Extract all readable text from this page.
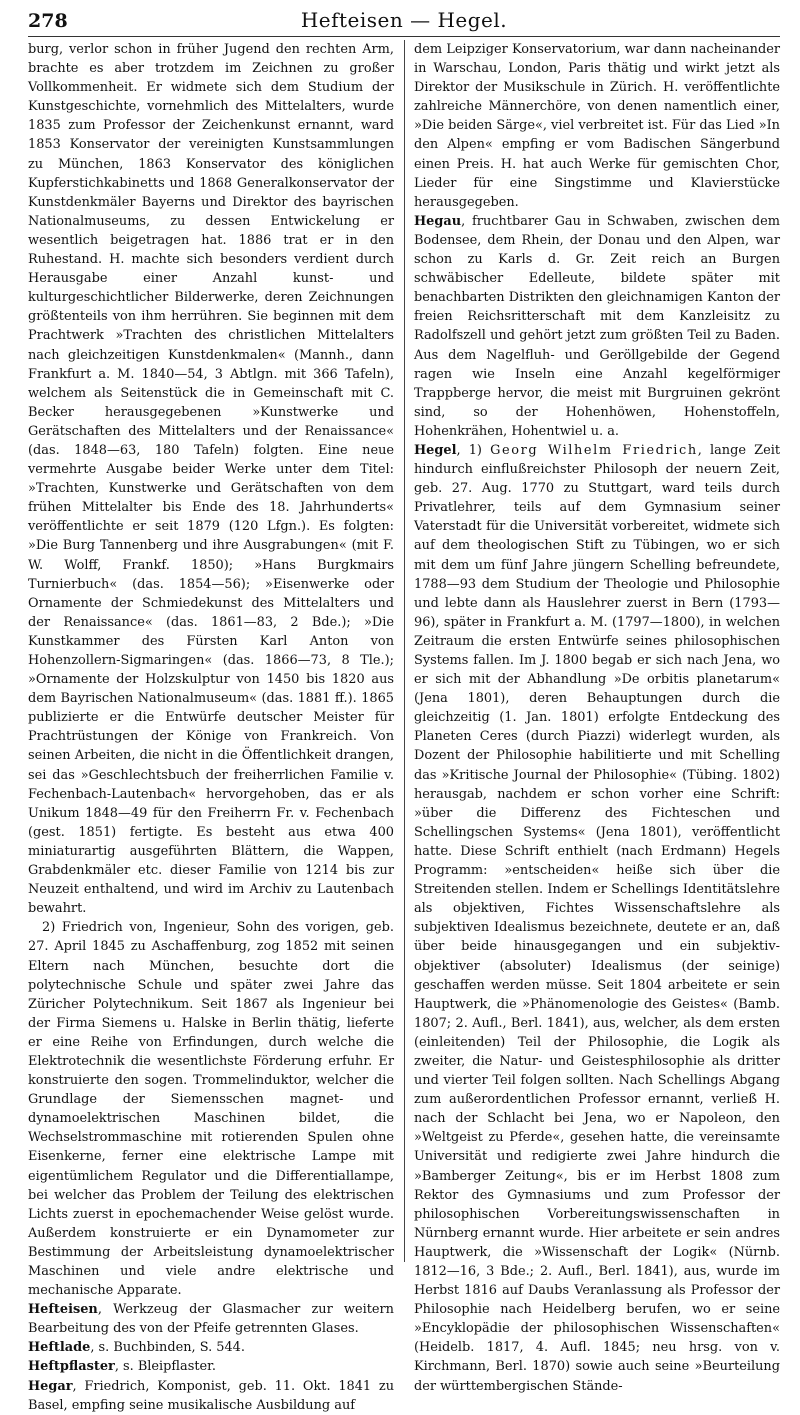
278	Hefteisen — Hegel.

burg, verlor schon in früher Jugend den rechten Arm, brachte es aber trotzdem im Zeichnen zu großer Vollkommenheit. Er widmete sich dem Studium der Kunstgeschichte, vornehmlich des Mittelalters, wurde 1835 zum Professor der Zeichenkunst ernannt, ward 1853 Konservator der vereinigten Kunstsammlungen zu München, 1863 Konservator des königlichen Kupferstichkabinetts und 1868 Generalkonservator der Kunstdenkmäler Bayerns und Direktor des bayrischen Nationalmuseums, zu dessen Entwickelung er wesentlich beigetragen hat. 1886 trat er in den Ruhestand. H. machte sich besonders verdient durch Herausgabe einer Anzahl kunst- und kulturgeschichtlicher Bilderwerke, deren Zeichnungen größtenteils von ihm herrühren. Sie beginnen mit dem Prachtwerk »Trachten des christlichen Mittelalters nach gleichzeitigen Kunstdenkmalen« (Mannh., dann Frankfurt a. M. 1840—54, 3 Abtlgn. mit 366 Tafeln), welchem als Seitenstück die in Gemeinschaft mit C. Becker herausgegebenen »Kunstwerke und Gerätschaften des Mittelalters und der Renaissance« (das. 1848—63, 180 Tafeln) folgten. Eine neue vermehrte Ausgabe beider Werke unter dem Titel: »Trachten, Kunstwerke und Gerätschaften von dem frühen Mittelalter bis Ende des 18. Jahrhunderts« veröffentlichte er seit 1879 (120 Lfgn.). Es folgten: »Die Burg Tannenberg und ihre Ausgrabungen« (mit F. W. Wolff, Frankf. 1850); »Hans Burgkmairs Turnierbuch« (das. 1854—56); »Eisenwerke oder Ornamente der Schmiedekunst des Mittelalters und der Renaissance« (das. 1861—83, 2 Bde.); »Die Kunstkammer des Fürsten Karl Anton von Hohenzollern-Sigmaringen« (das. 1866—73, 8 Tle.); »Ornamente der Holzskulptur von 1450 bis 1820 aus dem Bayrischen Nationalmuseum« (das. 1881 ff.). 1865 publizierte er die Entwürfe deutscher Meister für Prachtrüstungen der Könige von Frankreich. Von seinen Arbeiten, die nicht in die Öffentlichkeit drangen, sei das »Geschlechtsbuch der freiherrlichen Familie v. Fechenbach-Lautenbach« hervorgehoben, das er als Unikum 1848—49 für den Freiherrn Fr. v. Fechenbach (gest. 1851) fertigte. Es besteht aus etwa 400 miniaturartig ausgeführten Blättern, die Wappen, Grabdenkmäler etc. dieser Familie von 1214 bis zur Neuzeit enthaltend, und wird im Archiv zu Lautenbach bewahrt.

2) Friedrich von, Ingenieur, Sohn des vorigen, geb. 27. April 1845 zu Aschaffenburg, zog 1852 mit seinen Eltern nach München, besuchte dort die polytechnische Schule und später zwei Jahre das Züricher Polytechnikum. Seit 1867 als Ingenieur bei der Firma Siemens u. Halske in Berlin thätig, lieferte er eine Reihe von Erfindungen, durch welche die Elektrotechnik die wesentlichste Förderung erfuhr. Er konstruierte den sogen. Trommelinduktor, welcher die Grundlage der Siemensschen magnet- und dynamoelektrischen Maschinen bildet, die Wechselstrommaschine mit rotierenden Spulen ohne Eisenkerne, ferner eine elektrische Lampe mit eigentümlichem Regulator und die Differentiallampe, bei welcher das Problem der Teilung des elektrischen Lichts zuerst in epochemachender Weise gelöst wurde. Außerdem konstruierte er ein Dynamometer zur Bestimmung der Arbeitsleistung dynamoelektrischer Maschinen und viele andre elektrische und mechanische Apparate.

Hefteisen, Werkzeug der Glasmacher zur weitern Bearbeitung des von der Pfeife getrennten Glases.

Heftlade, s. Buchbinden, S. 544.

Heftpflaster, s. Bleipflaster.

Hegar, Friedrich, Komponist, geb. 11. Okt. 1841 zu Basel, empfing seine musikalische Ausbildung auf

dem Leipziger Konservatorium, war dann nacheinander in Warschau, London, Paris thätig und wirkt jetzt als Direktor der Musikschule in Zürich. H. veröffentlichte zahlreiche Männerchöre, von denen namentlich einer, »Die beiden Särge«, viel verbreitet ist. Für das Lied »In den Alpen« empfing er vom Badischen Sängerbund einen Preis. H. hat auch Werke für gemischten Chor, Lieder für eine Singstimme und Klavierstücke herausgegeben.

Hegau, fruchtbarer Gau in Schwaben, zwischen dem Bodensee, dem Rhein, der Donau und den Alpen, war schon zu Karls d. Gr. Zeit reich an Burgen schwäbischer Edelleute, bildete später mit benachbarten Distrikten den gleichnamigen Kanton der freien Reichsritterschaft mit dem Kanzleisitz zu Radolfszell und gehört jetzt zum größten Teil zu Baden. Aus dem Nagelfluh- und Geröllgebilde der Gegend ragen wie Inseln eine Anzahl kegelförmiger Trappberge hervor, die meist mit Burgruinen gekrönt sind, so der Hohenhöwen, Hohenstoffeln, Hohenkrähen, Hohentwiel u. a.

Hegel, 1) Georg Wilhelm Friedrich, lange Zeit hindurch einflußreichster Philosoph der neuern Zeit, geb. 27. Aug. 1770 zu Stuttgart, ward teils durch Privatlehrer, teils auf dem Gymnasium seiner Vaterstadt für die Universität vorbereitet, widmete sich auf dem theologischen Stift zu Tübingen, wo er sich mit dem um fünf Jahre jüngern Schelling befreundete, 1788—93 dem Studium der Theologie und Philosophie und lebte dann als Hauslehrer zuerst in Bern (1793—96), später in Frankfurt a. M. (1797—1800), in welchen Zeitraum die ersten Entwürfe seines philosophischen Systems fallen. Im J. 1800 begab er sich nach Jena, wo er sich mit der Abhandlung »De orbitis planetarum« (Jena 1801), deren Behauptungen durch die gleichzeitig (1. Jan. 1801) erfolgte Entdeckung des Planeten Ceres (durch Piazzi) widerlegt wurden, als Dozent der Philosophie habilitierte und mit Schelling das »Kritische Journal der Philosophie« (Tübing. 1802) herausgab, nachdem er schon vorher eine Schrift: »über die Differenz des Fichteschen und Schellingschen Systems« (Jena 1801), veröffentlicht hatte. Diese Schrift enthielt (nach Erdmann) Hegels Programm: »entscheiden« heiße sich über die Streitenden stellen. Indem er Schellings Identitätslehre als objektiven, Fichtes Wissenschaftslehre als subjektiven Idealismus bezeichnete, deutete er an, daß über beide hinausgegangen und ein subjektiv-objektiver (absoluter) Idealismus (der seinige) geschaffen werden müsse. Seit 1804 arbeitete er sein Hauptwerk, die »Phänomenologie des Geistes« (Bamb. 1807; 2. Aufl., Berl. 1841), aus, welcher, als dem ersten (einleitenden) Teil der Philosophie, die Logik als zweiter, die Natur- und Geistesphilosophie als dritter und vierter Teil folgen sollten. Nach Schellings Abgang zum außerordentlichen Professor ernannt, verließ H. nach der Schlacht bei Jena, wo er Napoleon, den »Weltgeist zu Pferde«, gesehen hatte, die vereinsamte Universität und redigierte zwei Jahre hindurch die »Bamberger Zeitung«, bis er im Herbst 1808 zum Rektor des Gymnasiums und zum Professor der philosophischen Vorbereitungswissenschaften in Nürnberg ernannt wurde. Hier arbeitete er sein andres Hauptwerk, die »Wissenschaft der Logik« (Nürnb. 1812—16, 3 Bde.; 2. Aufl., Berl. 1841), aus, wurde im Herbst 1816 auf Daubs Veranlassung als Professor der Philosophie nach Heidelberg berufen, wo er seine »Encyklopädie der philosophischen Wissenschaften« (Heidelb. 1817, 4. Aufl. 1845; neu hrsg. von v. Kirchmann, Berl. 1870) sowie auch seine »Beurteilung der württembergischen Stände-
